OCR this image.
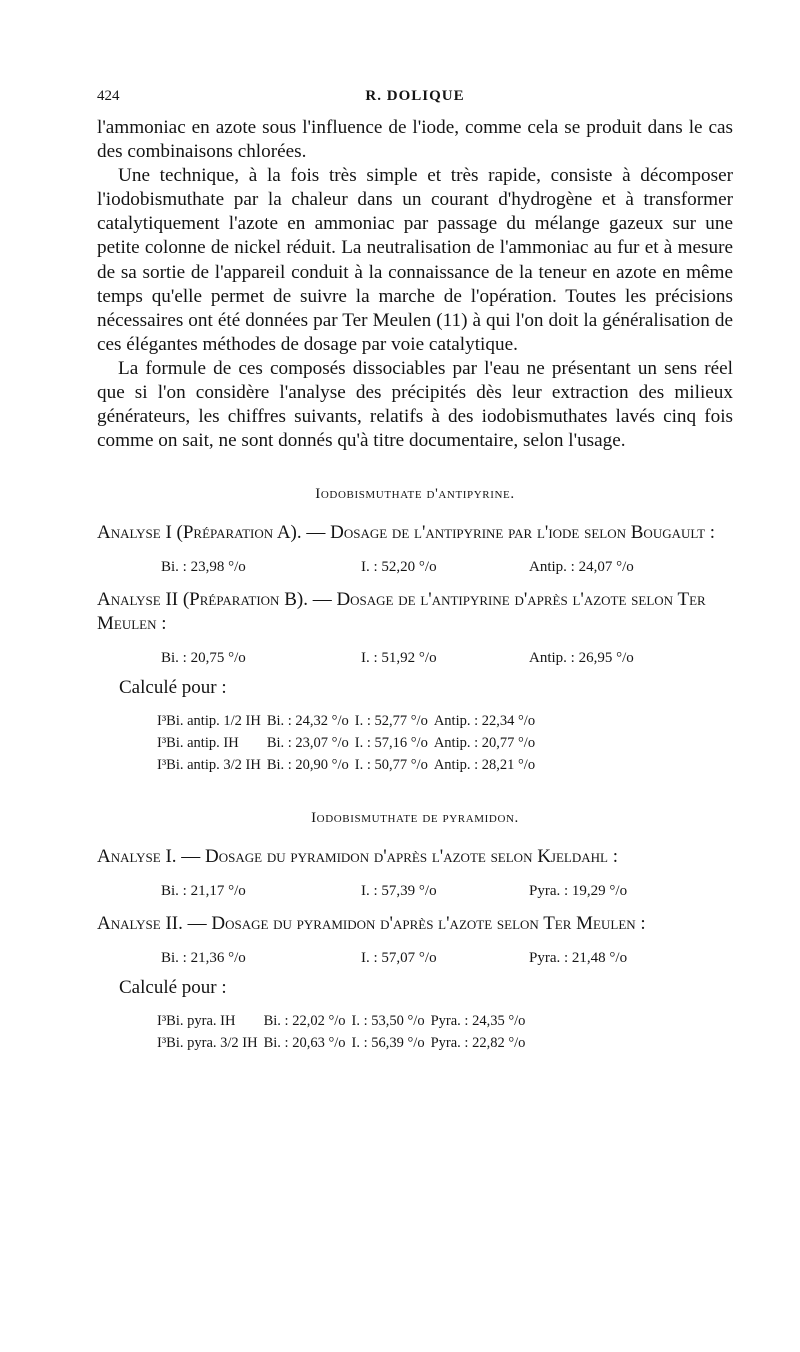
424	R. DOLIQUE

l'ammoniac en azote sous l'influence de l'iode, comme cela se produit dans le cas des combinaisons chlorées.

Une technique, à la fois très simple et très rapide, consiste à décomposer l'iodobismuthate par la chaleur dans un courant d'hydrogène et à transformer catalytiquement l'azote en ammoniac par passage du mélange gazeux sur une petite colonne de nickel réduit. La neutralisation de l'ammoniac au fur et à mesure de sa sortie de l'appareil conduit à la connaissance de la teneur en azote en même temps qu'elle permet de suivre la marche de l'opération. Toutes les précisions nécessaires ont été données par Ter Meulen (11) à qui l'on doit la généralisation de ces élégantes méthodes de dosage par voie catalytique.

La formule de ces composés dissociables par l'eau ne présentant un sens réel que si l'on considère l'analyse des précipités dès leur extraction des milieux générateurs, les chiffres suivants, relatifs à des iodobismuthates lavés cinq fois comme on sait, ne sont donnés qu'à titre documentaire, selon l'usage.

Iodobismuthate d'antipyrine.
Analyse I (Préparation A). — Dosage de l'antipyrine par l'iode selon Bougault :
Bi. : 23,98 °/o	I. : 52,20 °/o	Antip. : 24,07 °/o
Analyse II (Préparation B). — Dosage de l'antipyrine d'après l'azote selon Ter Meulen :
Bi. : 20,75 °/o	I. : 51,92 °/o	Antip. : 26,95 °/o
Calculé pour :
I³Bi. antip. 1/2 IH	Bi. : 24,32 °/o	I. : 52,77 °/o	Antip. : 22,34 °/o
I³Bi. antip. IH	Bi. : 23,07 °/o	I. : 57,16 °/o	Antip. : 20,77 °/o
I³Bi. antip. 3/2 IH	Bi. : 20,90 °/o	I. : 50,77 °/o	Antip. : 28,21 °/o
Iodobismuthate de pyramidon.
Analyse I. — Dosage du pyramidon d'après l'azote selon Kjeldahl :
Bi. : 21,17 °/o	I. : 57,39 °/o	Pyra. : 19,29 °/o
Analyse II. — Dosage du pyramidon d'après l'azote selon Ter Meulen :
Bi. : 21,36 °/o	I. : 57,07 °/o	Pyra. : 21,48 °/o
Calculé pour :
I³Bi. pyra. IH	Bi. : 22,02 °/o	I. : 53,50 °/o	Pyra. : 24,35 °/o
I³Bi. pyra. 3/2 IH	Bi. : 20,63 °/o	I. : 56,39 °/o	Pyra. : 22,82 °/o
